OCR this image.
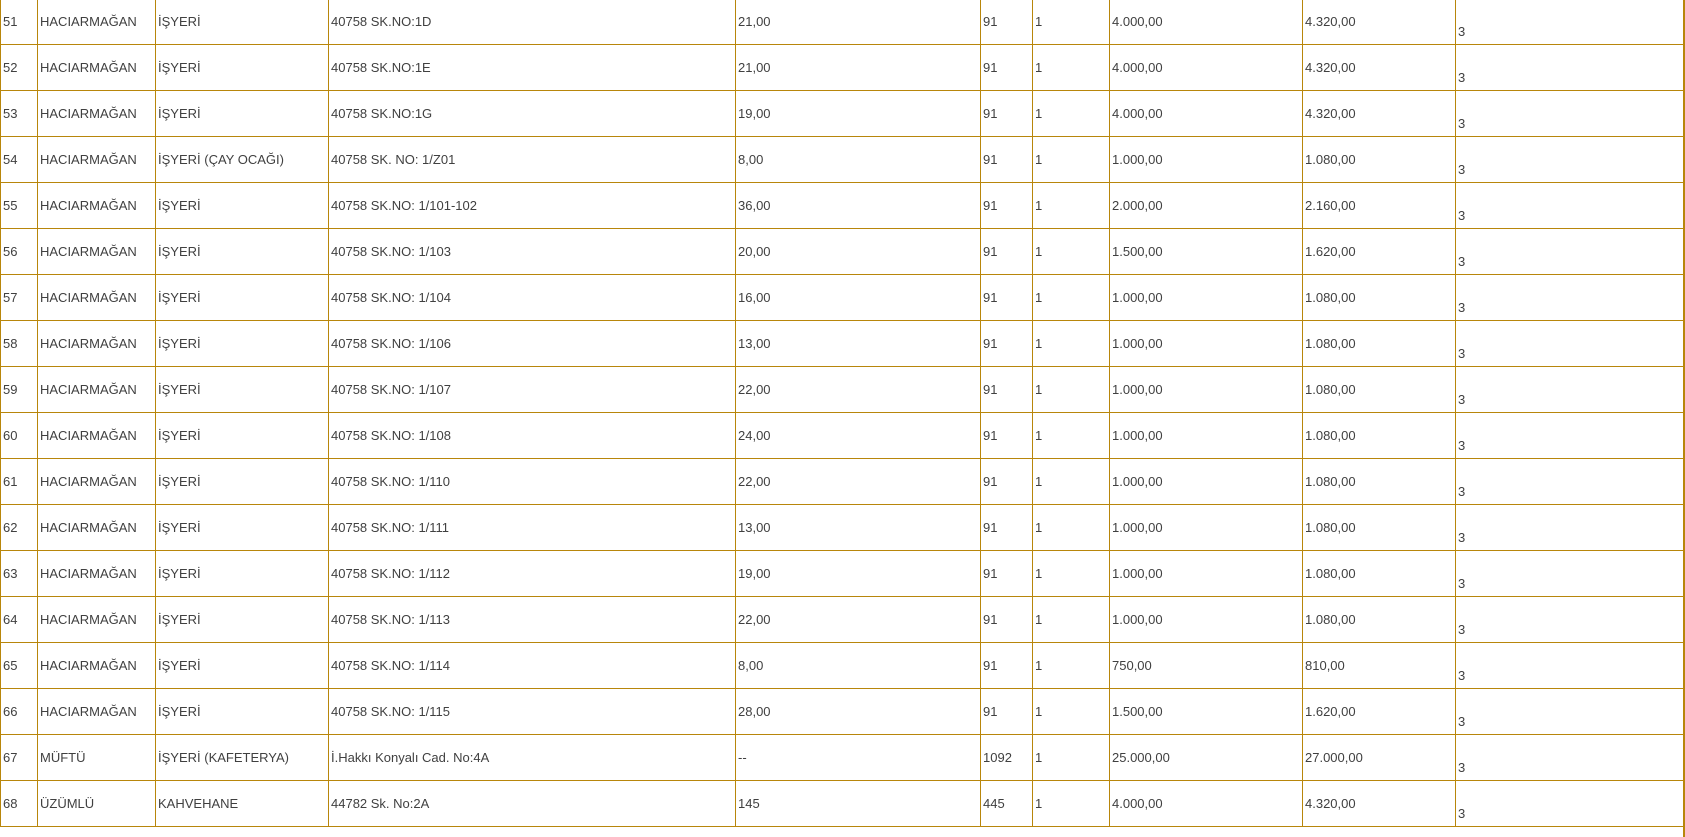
51	HACIARMAĞAN	İŞYERİ	40758 SK.NO:1D	21,00	91	1	4.000,00	4.320,00	3

52	HACIARMAĞAN	İŞYERİ	40758 SK.NO:1E	21,00	91	1	4.000,00	4.320,00	3

53	HACIARMAĞAN	İŞYERİ	40758 SK.NO:1G	19,00	91	1	4.000,00	4.320,00	3

54	HACIARMAĞAN	İŞYERİ (ÇAY OCAĞI)	40758 SK. NO: 1/Z01	8,00	91	1	1.000,00	1.080,00	3

55	HACIARMAĞAN	İŞYERİ	40758 SK.NO: 1/101-102	36,00	91	1	2.000,00	2.160,00	3

56	HACIARMAĞAN	İŞYERİ	40758 SK.NO: 1/103	20,00	91	1	1.500,00	1.620,00	3

57	HACIARMAĞAN	İŞYERİ	40758 SK.NO: 1/104	16,00	91	1	1.000,00	1.080,00	3

58	HACIARMAĞAN	İŞYERİ	40758 SK.NO: 1/106	13,00	91	1	1.000,00	1.080,00	3

59	HACIARMAĞAN	İŞYERİ	40758 SK.NO: 1/107	22,00	91	1	1.000,00	1.080,00	3

60	HACIARMAĞAN	İŞYERİ	40758 SK.NO: 1/108	24,00	91	1	1.000,00	1.080,00	3

61	HACIARMAĞAN	İŞYERİ	40758 SK.NO: 1/110	22,00	91	1	1.000,00	1.080,00	3

62	HACIARMAĞAN	İŞYERİ	40758 SK.NO: 1/111	13,00	91	1	1.000,00	1.080,00	3

63	HACIARMAĞAN	İŞYERİ	40758 SK.NO: 1/112	19,00	91	1	1.000,00	1.080,00	3

64	HACIARMAĞAN	İŞYERİ	40758 SK.NO: 1/113	22,00	91	1	1.000,00	1.080,00	3

65	HACIARMAĞAN	İŞYERİ	40758 SK.NO: 1/114	8,00	91	1	750,00	810,00	3

66	HACIARMAĞAN	İŞYERİ	40758 SK.NO: 1/115	28,00	91	1	1.500,00	1.620,00	3

67	MÜFTÜ	İŞYERİ (KAFETERYA)	İ.Hakkı Konyalı Cad. No:4A	--	1092	1	25.000,00	27.000,00	3

68	ÜZÜMLÜ	KAHVEHANE	44782 Sk. No:2A	145	445	1	4.000,00	4.320,00	3
